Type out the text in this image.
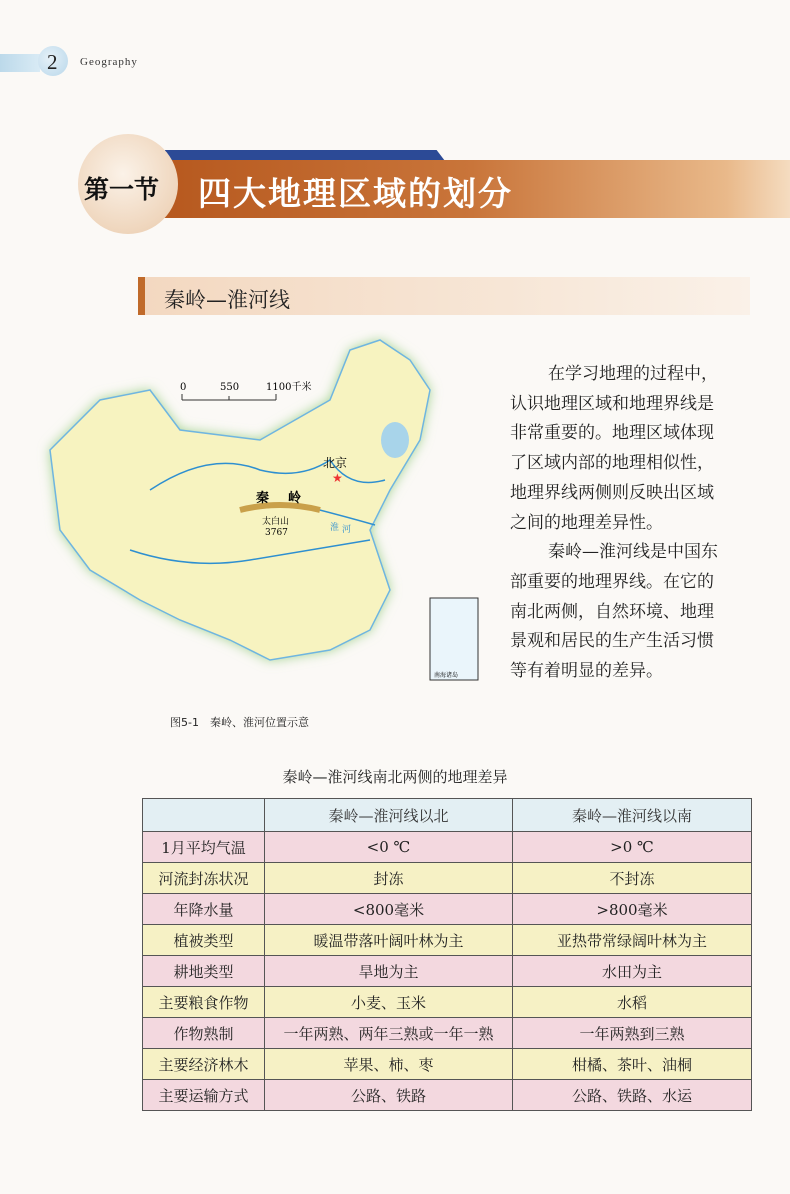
2 Geography
第一节 四大地理区域的划分
秦岭—淮河线
0	550	1100千米
北京
★
秦 岭
淮 河
太白山
3767
南海诸岛
图5-1　秦岭、淮河位置示意
在学习地理的过程中，
认识地理区域和地理界线是
非常重要的。地理区域体现
了区域内部的地理相似性，
地理界线两侧则反映出区域
之间的地理差异性。
秦岭—淮河线是中国东
部重要的地理界线。在它的
南北两侧，自然环境、地理
景观和居民的生产生活习惯
等有着明显的差异。
秦岭—淮河线南北两侧的地理差异
	秦岭—淮河线以北	秦岭—淮河线以南
1月平均气温	<0 ℃	>0 ℃
河流封冻状况	封冻	不封冻
年降水量	<800毫米	>800毫米
植被类型	暖温带落叶阔叶林为主	亚热带常绿阔叶林为主
耕地类型	旱地为主	水田为主
主要粮食作物	小麦、玉米	水稻
作物熟制	一年两熟、两年三熟或一年一熟	一年两熟到三熟
主要经济林木	苹果、柿、枣	柑橘、茶叶、油桐
主要运输方式	公路、铁路	公路、铁路、水运
